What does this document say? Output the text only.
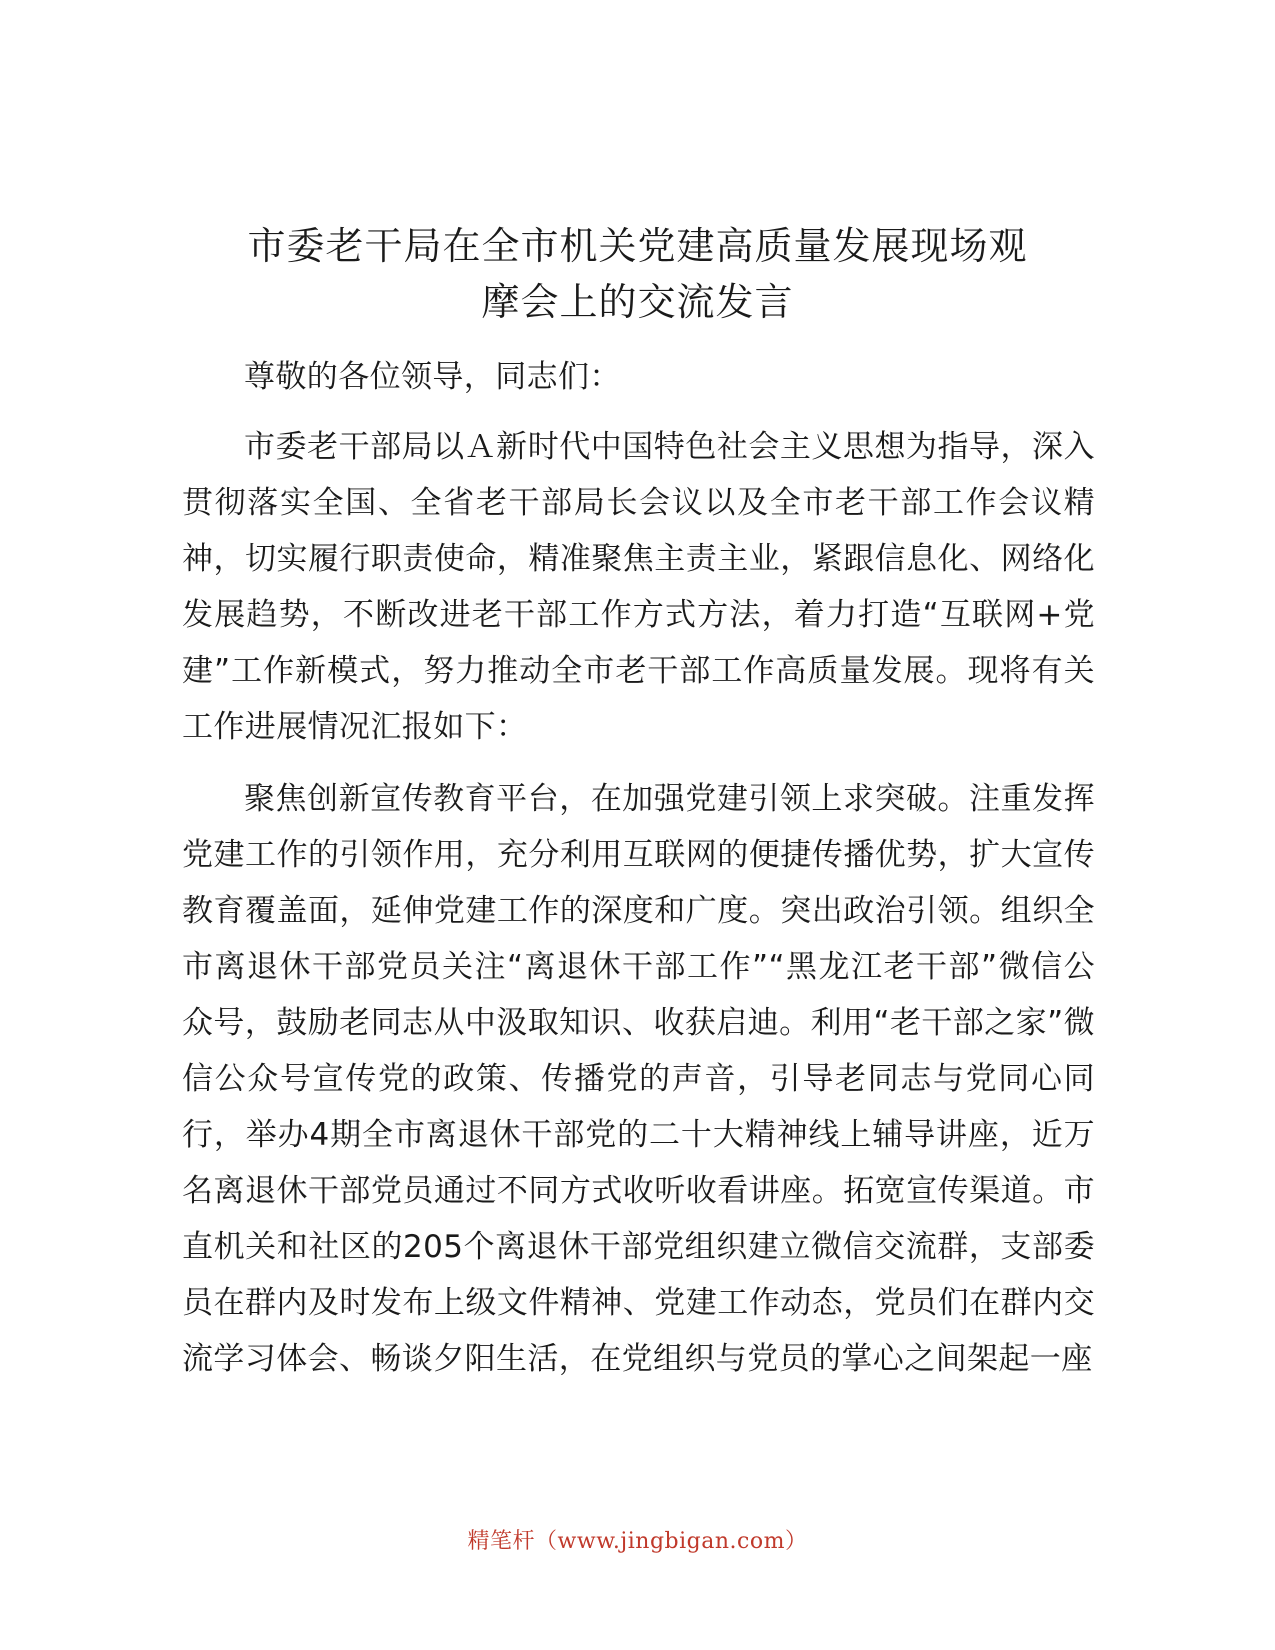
市委老干局在全市机关党建高质量发展现场观
摩会上的交流发言

尊敬的各位领导，同志们：

市委老干部局以Ａ新时代中国特色社会主义思想为指导，深入贯彻落实全国、全省老干部局长会议以及全市老干部工作会议精神，切实履行职责使命，精准聚焦主责主业，紧跟信息化、网络化发展趋势，不断改进老干部工作方式方法，着力打造“互联网+党建”工作新模式，努力推动全市老干部工作高质量发展。现将有关工作进展情况汇报如下：

聚焦创新宣传教育平台，在加强党建引领上求突破。注重发挥党建工作的引领作用，充分利用互联网的便捷传播优势，扩大宣传教育覆盖面，延伸党建工作的深度和广度。突出政治引领。组织全市离退休干部党员关注“离退休干部工作”“黑龙江老干部”微信公众号，鼓励老同志从中汲取知识、收获启迪。利用“老干部之家”微信公众号宣传党的政策、传播党的声音，引导老同志与党同心同行，举办4期全市离退休干部党的二十大精神线上辅导讲座，近万名离退休干部党员通过不同方式收听收看讲座。拓宽宣传渠道。市直机关和社区的205个离退休干部党组织建立微信交流群，支部委员在群内及时发布上级文件精神、党建工作动态，党员们在群内交流学习体会、畅谈夕阳生活，在党组织与党员的掌心之间架起一座

精笔杆（www.jingbigan.com）
